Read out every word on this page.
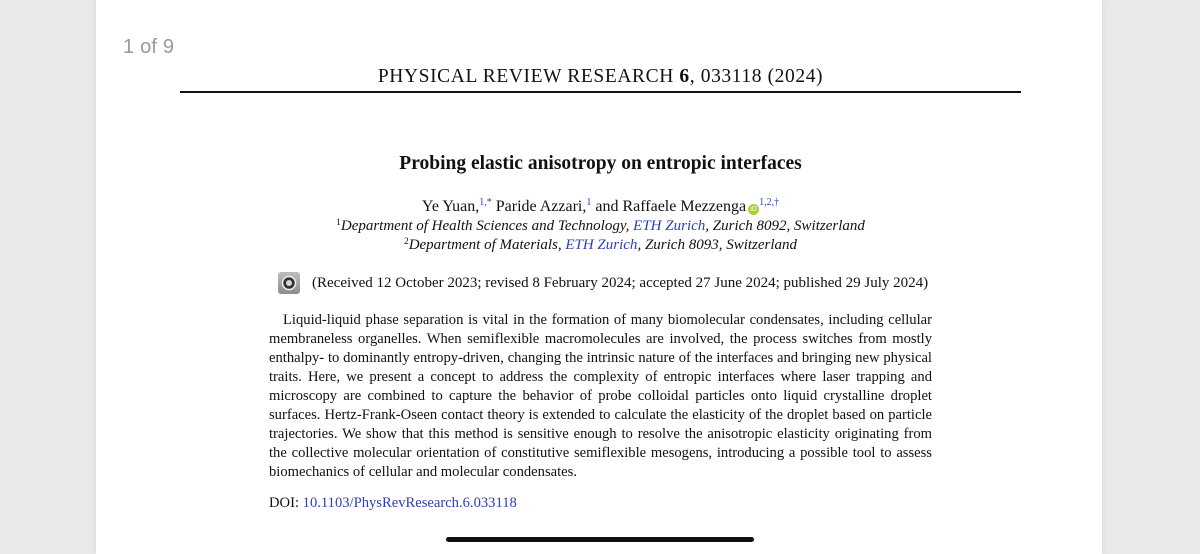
1 of 9
PHYSICAL REVIEW RESEARCH 6, 033118 (2024)
Probing elastic anisotropy on entropic interfaces
Ye Yuan,$^{1,*}$ Paride Azzari,$^1$ and Raffaele Mezzenga $iD^{1,2,\dagger}$
$^1$Department of Health Sciences and Technology, ETH Zurich, Zurich 8092, Switzerland
$^2$Department of Materials, ETH Zurich, Zurich 8093, Switzerland
(Received 12 October 2023; revised 8 February 2024; accepted 27 June 2024; published 29 July 2024)

Liquid-liquid phase separation is vital in the formation of many biomolecular condensates, including cellular membraneless organelles. When semiflexible macromolecules are involved, the process switches from mostly enthalpy- to dominantly entropy-driven, changing the intrinsic nature of the interfaces and bringing new physical traits. Here, we present a concept to address the complexity of entropic interfaces where laser trapping and microscopy are combined to capture the behavior of probe colloidal particles onto liquid crystalline droplet surfaces. Hertz-Frank-Oseen contact theory is extended to calculate the elasticity of the droplet based on particle trajectories. We show that this method is sensitive enough to resolve the anisotropic elasticity originating from the collective molecular orientation of constitutive semiflexible mesogens, introducing a possible tool to assess biomechanics of cellular and molecular condensates.

DOI: 10.1103/PhysRevResearch.6.033118
